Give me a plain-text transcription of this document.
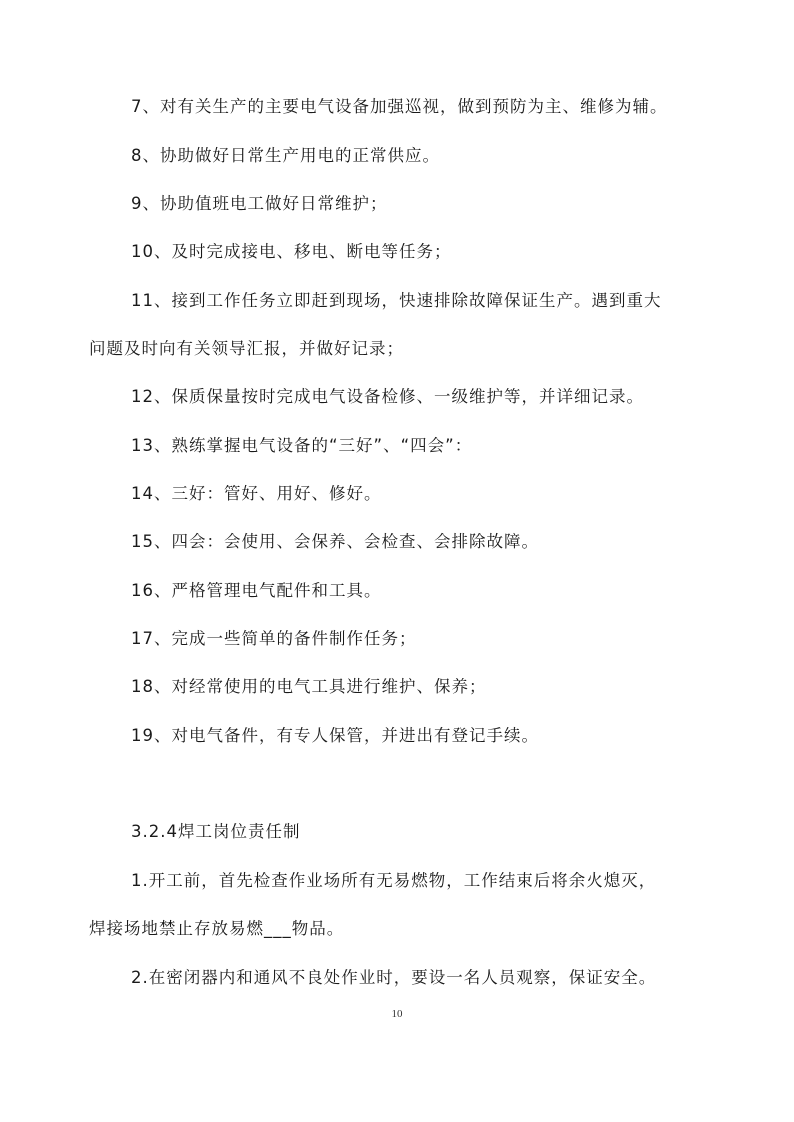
7、对有关生产的主要电气设备加强巡视，做到预防为主、维修为辅。
8、协助做好日常生产用电的正常供应。
9、协助值班电工做好日常维护；
10、及时完成接电、移电、断电等任务；
11、接到工作任务立即赶到现场，快速排除故障保证生产。遇到重大
问题及时向有关领导汇报，并做好记录；
12、保质保量按时完成电气设备检修、一级维护等，并详细记录。
13、熟练掌握电气设备的“三好”、“四会”：
14、三好：管好、用好、修好。
15、四会：会使用、会保养、会检查、会排除故障。
16、严格管理电气配件和工具。
17、完成一些简单的备件制作任务；
18、对经常使用的电气工具进行维护、保养；
19、对电气备件，有专人保管，并进出有登记手续。
3.2.4焊工岗位责任制
1.开工前，首先检查作业场所有无易燃物，工作结束后将余火熄灭，
焊接场地禁止存放易燃___物品。
2.在密闭器内和通风不良处作业时，要设一名人员观察，保证安全。
10
